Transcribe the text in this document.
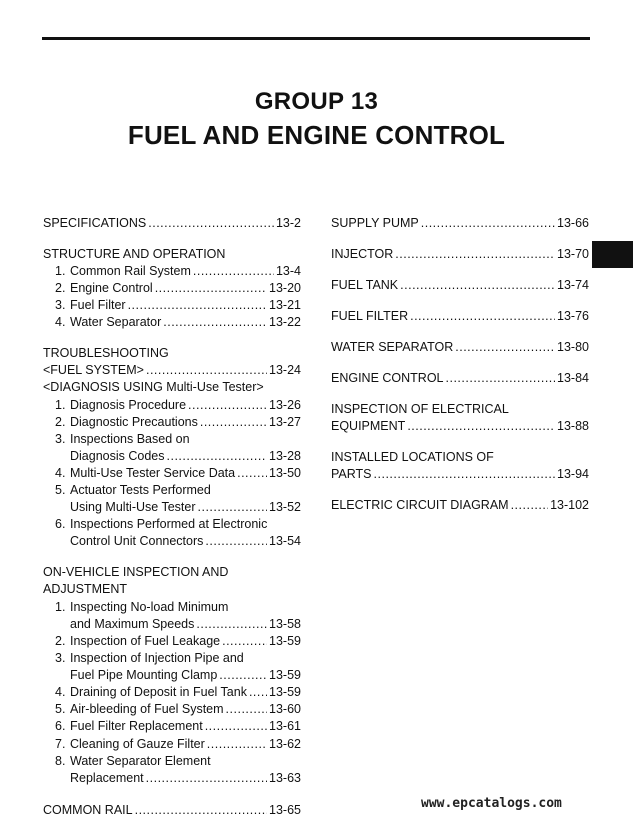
GROUP 13
FUEL AND ENGINE CONTROL
SPECIFICATIONS .....	13-2
STRUCTURE AND OPERATION
1. Common Rail System .....	13-4
2. Engine Control .....	13-20
3. Fuel Filter .....	13-21
4. Water Separator .....	13-22
TROUBLESHOOTING
<FUEL SYSTEM> .....	13-24
<DIAGNOSIS USING Multi-Use Tester>
1. Diagnosis Procedure .....	13-26
2. Diagnostic Precautions .....	13-27
3. Inspections Based on
Diagnosis Codes .....	13-28
4. Multi-Use Tester Service Data .....	13-50
5. Actuator Tests Performed
Using Multi-Use Tester .....	13-52
6. Inspections Performed at Electronic
Control Unit Connectors .....	13-54
ON-VEHICLE INSPECTION AND
ADJUSTMENT
1. Inspecting No-load Minimum
and Maximum Speeds .....	13-58
2. Inspection of Fuel Leakage .....	13-59
3. Inspection of Injection Pipe and
Fuel Pipe Mounting Clamp .....	13-59
4. Draining of Deposit in Fuel Tank ..... 13-59
5. Air-bleeding of Fuel System .....	13-60
6. Fuel Filter Replacement .....	13-61
7. Cleaning of Gauze Filter .....	13-62
8. Water Separator Element
Replacement .....	13-63
COMMON RAIL .....	13-65
SUPPLY PUMP .....	13-66
INJECTOR .....	13-70
FUEL TANK .....	13-74
FUEL FILTER .....	13-76
WATER SEPARATOR .....	13-80
ENGINE CONTROL .....	13-84
INSPECTION OF ELECTRICAL
EQUIPMENT .....	13-88
INSTALLED LOCATIONS OF
PARTS .....	13-94
ELECTRIC CIRCUIT DIAGRAM .....	13-102
www.epcatalogs.com
